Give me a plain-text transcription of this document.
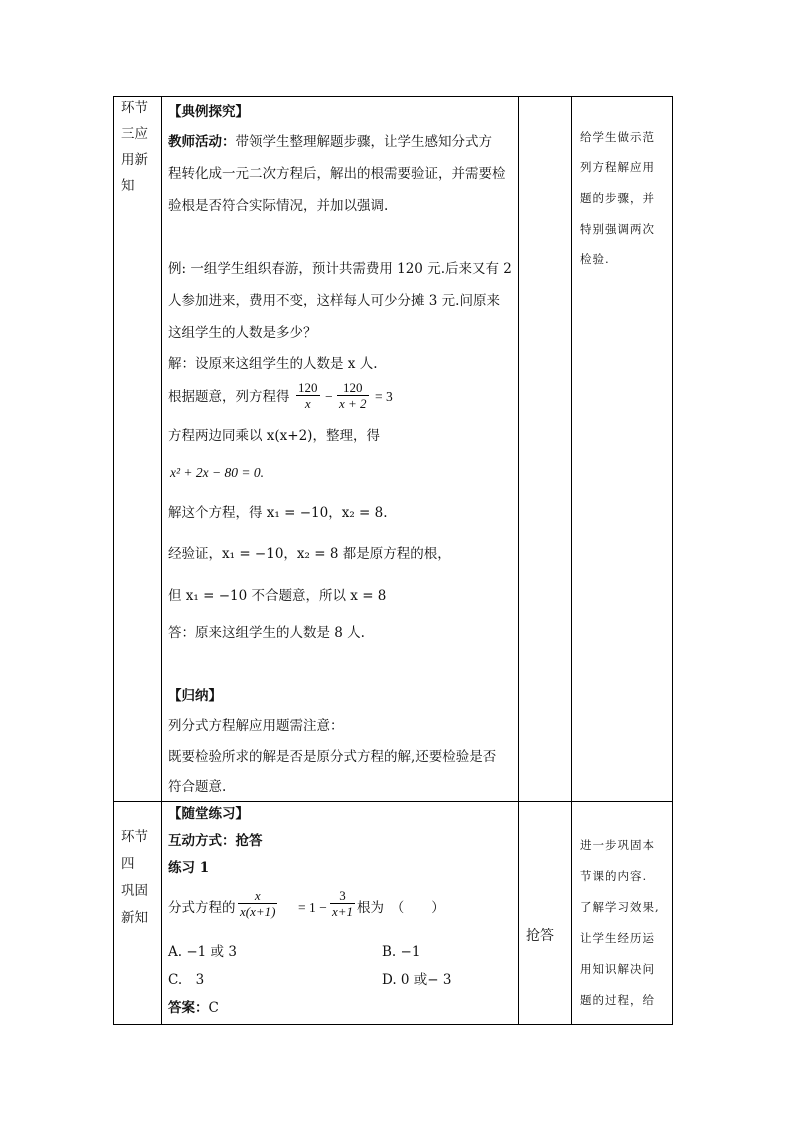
环节
三应
用新
知
【典例探究】
教师活动：带领学生整理解题步骤，让学生感知分式方
程转化成一元二次方程后，解出的根需要验证，并需要检
验根是否符合实际情况，并加以强调.
例: 一组学生组织春游，预计共需费用 120 元.后来又有 2
人参加进来，费用不变，这样每人可少分摊 3 元.问原来
这组学生的人数是多少？
解：设原来这组学生的人数是 x 人.
根据题意，列方程得 $\frac{120}{x} - \frac{120}{x + 2} = 3$
方程两边同乘以 x(x+2)，整理，得
x² + 2x − 80 = 0.
解这个方程，得 x₁ = −10，x₂ = 8.
经验证，x₁ = −10，x₂ = 8 都是原方程的根，
但 x₁ = −10 不合题意，所以 x = 8
答：原来这组学生的人数是 8 人.
【归纳】
列分式方程解应用题需注意：
既要检验所求的解是否是原分式方程的解,还要检验是否
符合题意.
给学生做示范
列方程解应用
题的步骤，并
特别强调两次
检验.
环节
四
巩固
新知
【随堂练习】
互动方式：抢答
练习 1
分式方程的 $\frac{x}{x(x+1)} = 1 - \frac{3}{x+1}$ 根为　（　　）
A. −1 或 3	B. −1
C.　3	D. 0 或− 3
答案：C
抢答
进一步巩固本
节课的内容.
了解学习效果,
让学生经历运
用知识解决问
题的过程，给
